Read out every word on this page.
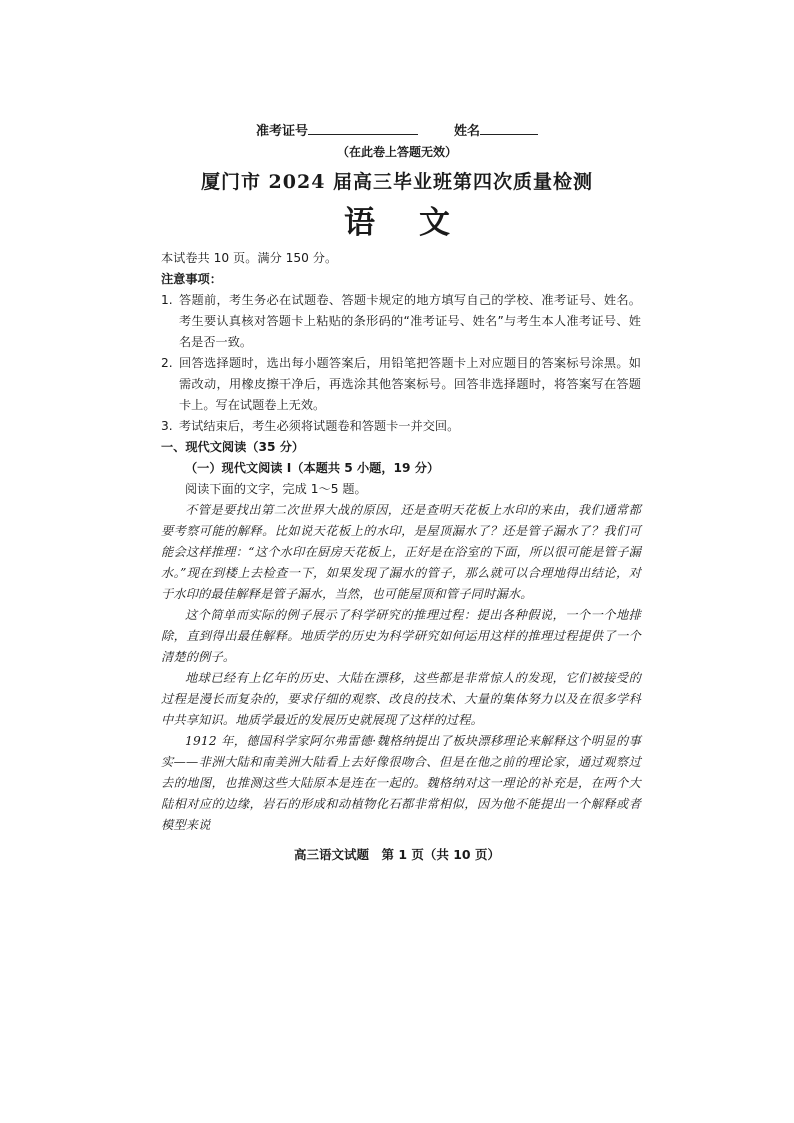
准考证号	姓名
（在此卷上答题无效）
厦门市 2024 届高三毕业班第四次质量检测
语文

本试卷共 10 页。满分 150 分。

注意事项：

1. 答题前，考生务必在试题卷、答题卡规定的地方填写自己的学校、准考证号、姓名。考生要认真核对答题卡上粘贴的条形码的“准考证号、姓名”与考生本人准考证号、姓名是否一致。
2. 回答选择题时，选出每小题答案后，用铅笔把答题卡上对应题目的答案标号涂黑。如需改动，用橡皮擦干净后，再选涂其他答案标号。回答非选择题时，将答案写在答题卡上。写在试题卷上无效。
3. 考试结束后，考生必须将试题卷和答题卡一并交回。

一、现代文阅读（35 分）

（一）现代文阅读 I（本题共 5 小题，19 分）

阅读下面的文字，完成 1～5 题。

不管是要找出第二次世界大战的原因，还是查明天花板上水印的来由，我们通常都要考察可能的解释。比如说天花板上的水印，是屋顶漏水了？还是管子漏水了？我们可能会这样推理：“这个水印在厨房天花板上，正好是在浴室的下面，所以很可能是管子漏水。”现在到楼上去检查一下，如果发现了漏水的管子，那么就可以合理地得出结论，对于水印的最佳解释是管子漏水，当然，也可能屋顶和管子同时漏水。

这个简单而实际的例子展示了科学研究的推理过程：提出各种假说，一个一个地排除，直到得出最佳解释。地质学的历史为科学研究如何运用这样的推理过程提供了一个清楚的例子。

地球已经有上亿年的历史、大陆在漂移，这些都是非常惊人的发现，它们被接受的过程是漫长而复杂的，要求仔细的观察、改良的技术、大量的集体努力以及在很多学科中共享知识。地质学最近的发展历史就展现了这样的过程。

1912 年，德国科学家阿尔弗雷德·魏格纳提出了板块漂移理论来解释这个明显的事实——非洲大陆和南美洲大陆看上去好像很吻合、但是在他之前的理论家，通过观察过去的地图，也推测这些大陆原本是连在一起的。魏格纳对这一理论的补充是，在两个大陆相对应的边缘，岩石的形成和动植物化石都非常相似，因为他不能提出一个解释或者模型来说

高三语文试题　第 1 页（共 10 页）
